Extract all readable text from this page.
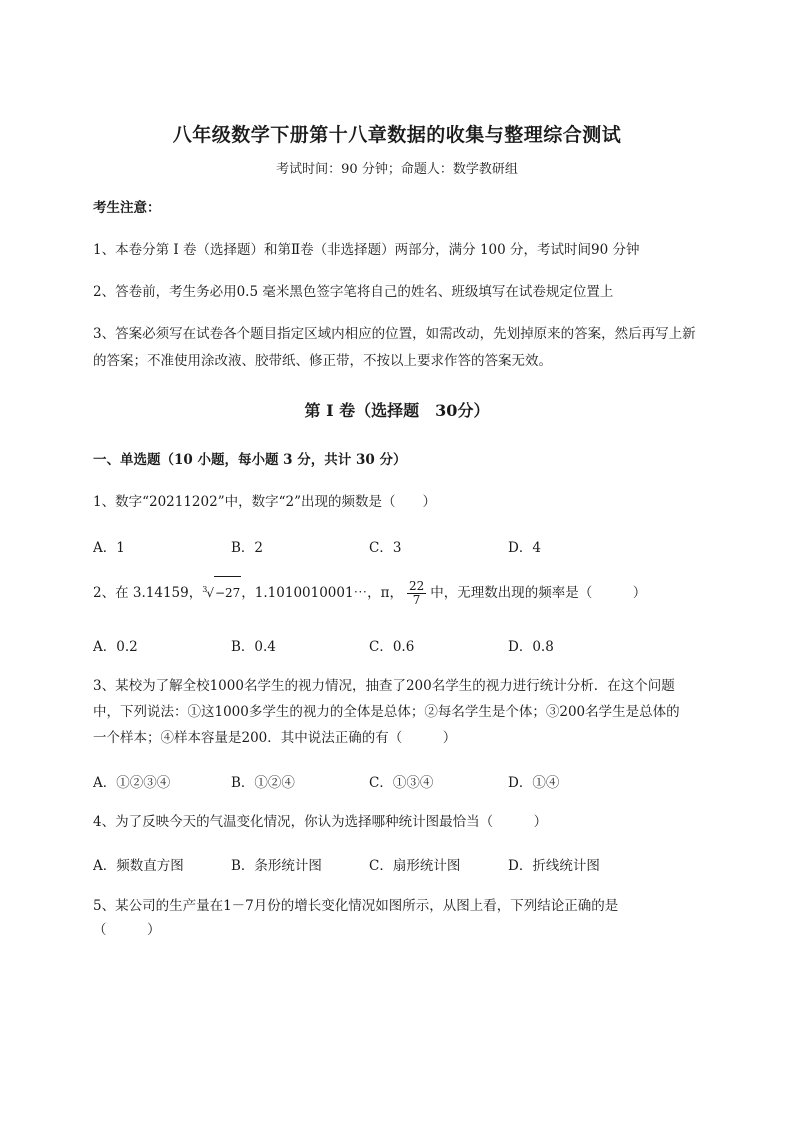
八年级数学下册第十八章数据的收集与整理综合测试
考试时间：90 分钟；命题人：数学教研组
考生注意：
1、本卷分第 I 卷（选择题）和第Ⅱ卷（非选择题）两部分，满分 100 分，考试时间90 分钟
2、答卷前，考生务必用0.5 毫米黑色签字笔将自己的姓名、班级填写在试卷规定位置上
3、答案必须写在试卷各个题目指定区域内相应的位置，如需改动，先划掉原来的答案，然后再写上新
的答案；不准使用涂改液、胶带纸、修正带，不按以上要求作答的答案无效。
第 I 卷（选择题　30分）
一、单选题（10 小题，每小题 3 分，共计 30 分）
1、数字“20211202”中，数字“2”出现的频数是（　　）
A．1	B．2	C．3	D．4
2、在 3.14159，$^3$√−27，1.1010010001⋯，π， $\frac{22}{7}$ 中，无理数出现的频率是（　　　）
A．0.2	B．0.4	C．0.6	D．0.8
3、某校为了解全校1000名学生的视力情况，抽查了200名学生的视力进行统计分析．在这个问题
中，下列说法：①这1000多学生的视力的全体是总体；②每名学生是个体；③200名学生是总体的
一个样本；④样本容量是200．其中说法正确的有（　　　）
A．①②③④	B．①②④	C．①③④	D．①④
4、为了反映今天的气温变化情况，你认为选择哪种统计图最恰当（　　　）
A．频数直方图	B．条形统计图	C．扇形统计图	D．折线统计图
5、某公司的生产量在1－7月份的增长变化情况如图所示，从图上看，下列结论正确的是
（　　　）
